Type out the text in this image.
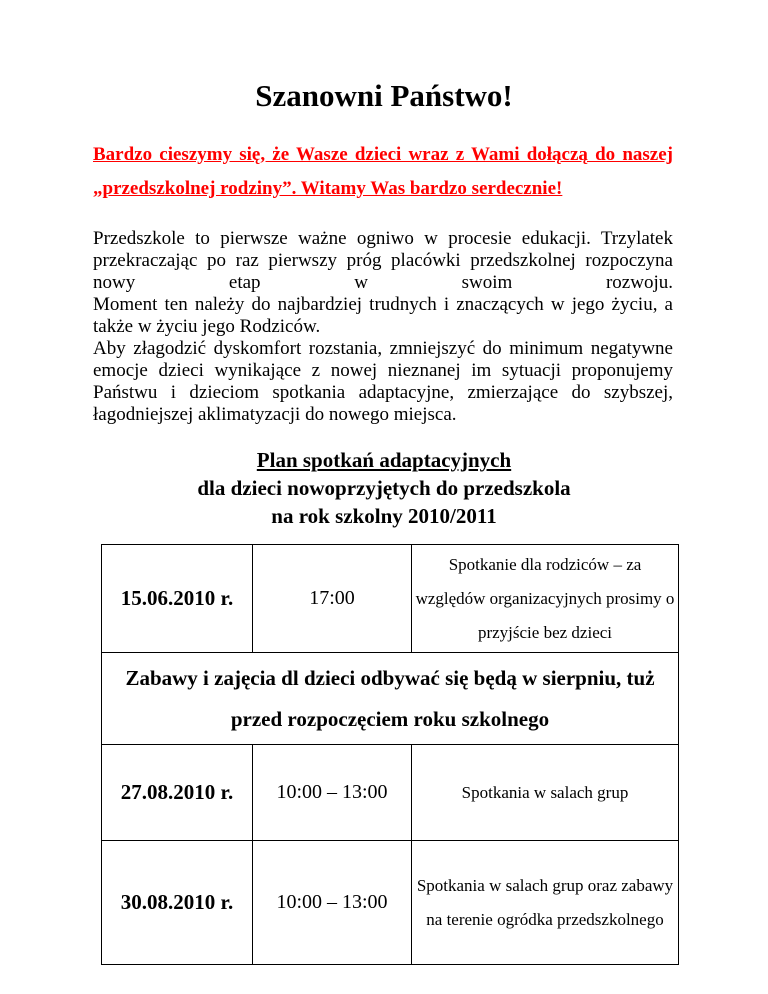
Szanowni Państwo!
Bardzo cieszymy się, że Wasze dzieci wraz z Wami dołączą do naszej „przedszkolnej rodziny”. Witamy Was bardzo serdecznie!

Przedszkole to pierwsze ważne ogniwo w procesie edukacji. Trzylatek przekraczając po raz pierwszy próg placówki przedszkolnej rozpoczyna nowy etap w swoim rozwoju.

Moment ten należy do najbardziej trudnych i znaczących w jego życiu, a także w życiu jego Rodziców.

Aby złagodzić dyskomfort rozstania, zmniejszyć do minimum negatywne emocje dzieci wynikające z nowej nieznanej im sytuacji proponujemy Państwu i dzieciom spotkania adaptacyjne, zmierzające do szybszej, łagodniejszej aklimatyzacji do nowego miejsca.

Plan spotkań adaptacyjnych
dla dzieci nowoprzyjętych do przedszkola
na rok szkolny 2010/2011
15.06.2010 r.	17:00	Spotkanie dla rodziców – za względów organizacyjnych prosimy o przyjście bez dzieci
Zabawy i zajęcia dl dzieci odbywać się będą w sierpniu, tuż przed rozpoczęciem roku szkolnego		
27.08.2010 r.	10:00 – 13:00	Spotkania w salach grup
30.08.2010 r.	10:00 – 13:00	Spotkania w salach grup oraz zabawy na terenie ogródka przedszkolnego
